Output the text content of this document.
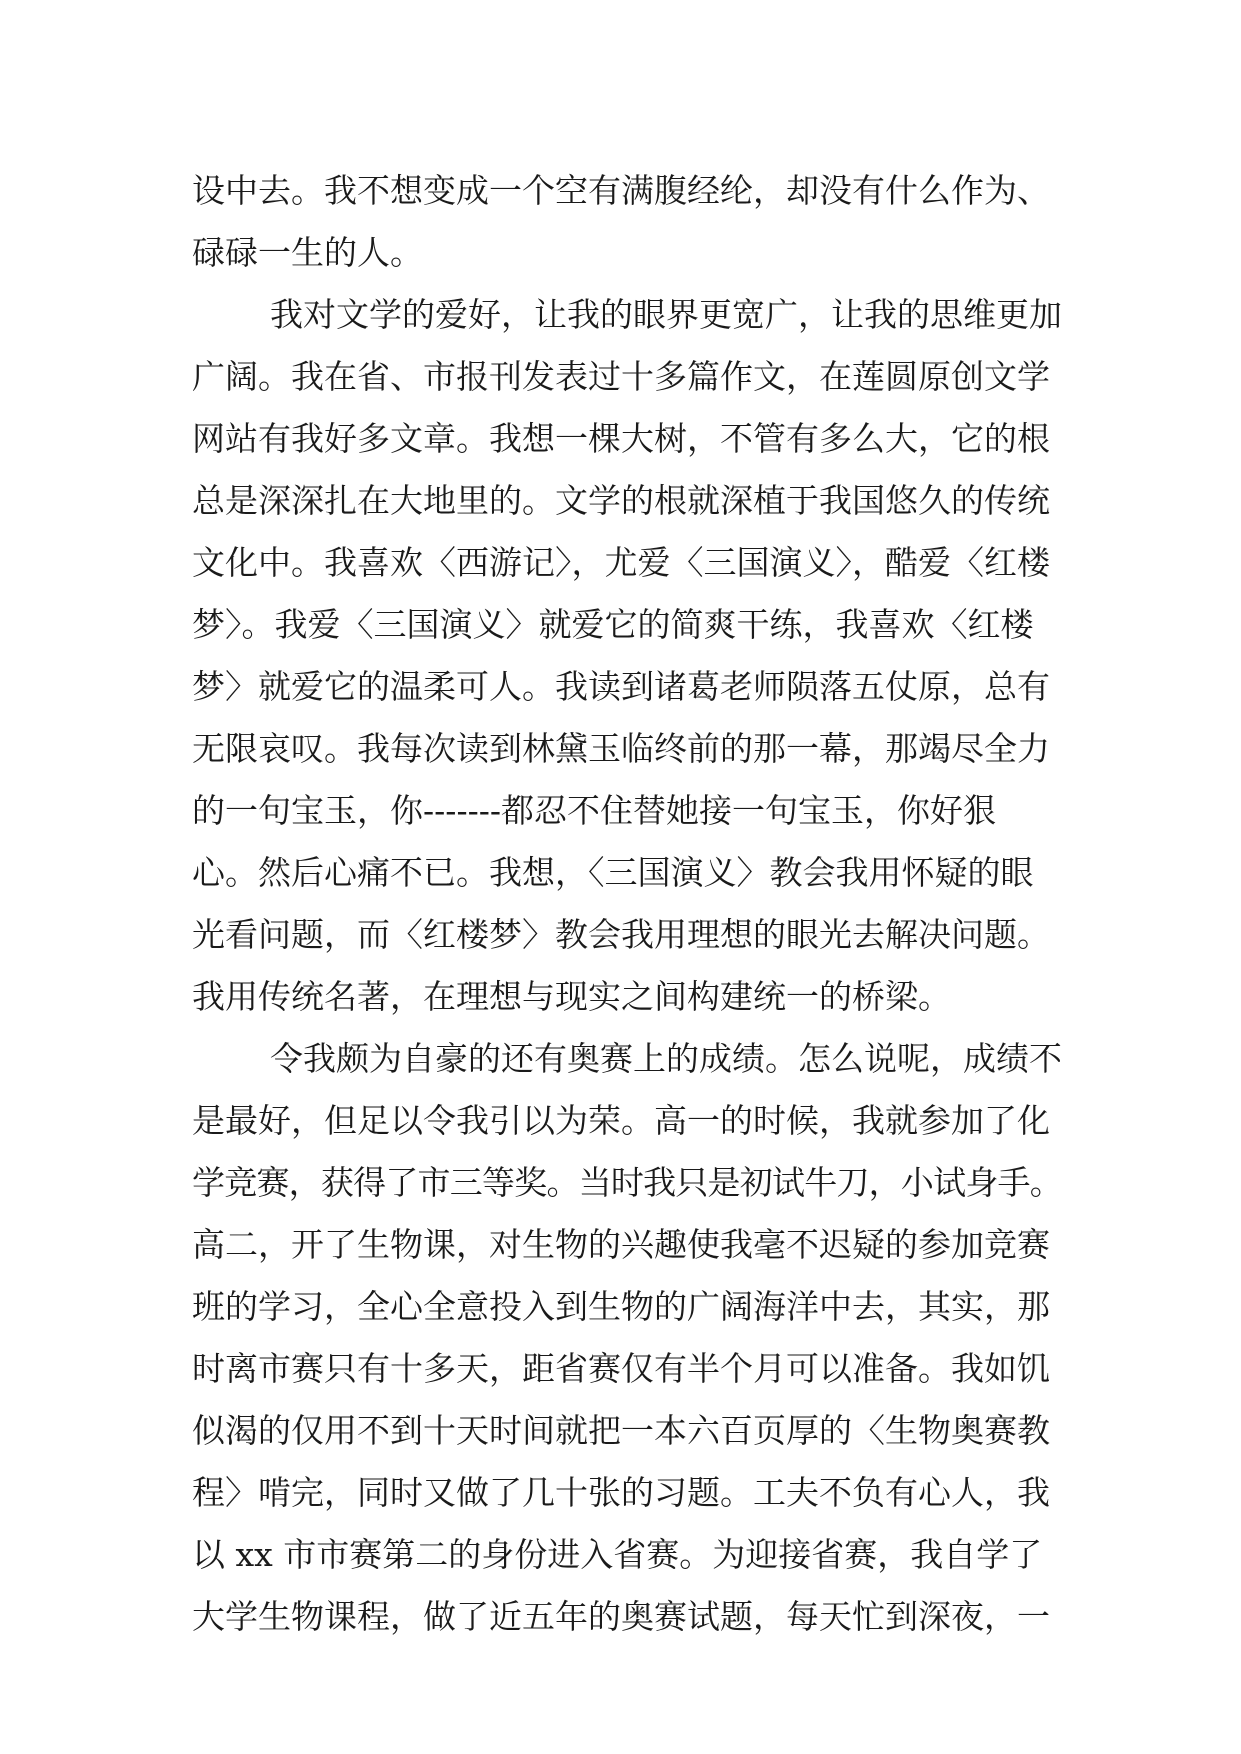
设中去。我不想变成一个空有满腹经纶，却没有什么作为、
碌碌一生的人。
我对文学的爱好，让我的眼界更宽广，让我的思维更加
广阔。我在省、市报刊发表过十多篇作文，在莲圆原创文学
网站有我好多文章。我想一棵大树，不管有多么大，它的根
总是深深扎在大地里的。文学的根就深植于我国悠久的传统
文化中。我喜欢〈西游记〉，尤爱〈三国演义〉，酷爱〈红楼
梦〉。我爱〈三国演义〉就爱它的简爽干练，我喜欢〈红楼
梦〉就爱它的温柔可人。我读到诸葛老师陨落五仗原，总有
无限哀叹。我每次读到林黛玉临终前的那一幕，那竭尽全力
的一句宝玉，你-------都忍不住替她接一句宝玉，你好狠
心。然后心痛不已。我想，〈三国演义〉教会我用怀疑的眼
光看问题，而〈红楼梦〉教会我用理想的眼光去解决问题。
我用传统名著，在理想与现实之间构建统一的桥梁。
令我颇为自豪的还有奥赛上的成绩。怎么说呢，成绩不
是最好，但足以令我引以为荣。高一的时候，我就参加了化
学竞赛，获得了市三等奖。当时我只是初试牛刀，小试身手。
高二，开了生物课，对生物的兴趣使我毫不迟疑的参加竞赛
班的学习，全心全意投入到生物的广阔海洋中去，其实，那
时离市赛只有十多天，距省赛仅有半个月可以准备。我如饥
似渴的仅用不到十天时间就把一本六百页厚的〈生物奥赛教
程〉啃完，同时又做了几十张的习题。工夫不负有心人，我
以 xx 市市赛第二的身份进入省赛。为迎接省赛，我自学了
大学生物课程，做了近五年的奥赛试题，每天忙到深夜，一
